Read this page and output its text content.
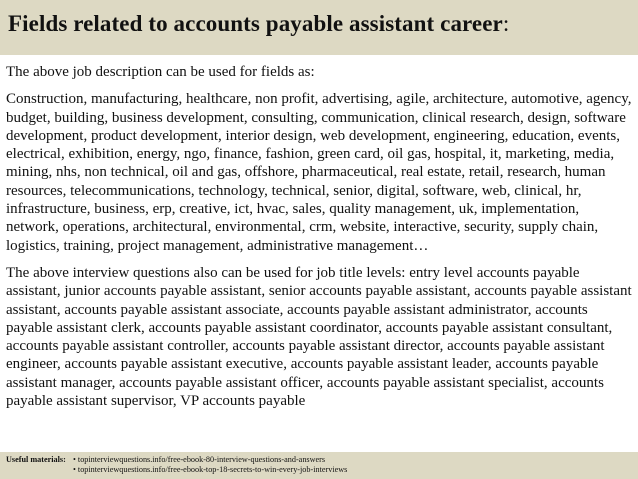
Fields related to accounts payable assistant career:

The above job description can be used for fields as:

Construction, manufacturing, healthcare, non profit, advertising, agile, architecture, automotive, agency, budget, building, business development, consulting, communication, clinical research, design, software development, product development, interior design, web development, engineering, education, events, electrical, exhibition, energy, ngo, finance, fashion, green card, oil gas, hospital, it, marketing, media, mining, nhs, non technical, oil and gas, offshore, pharmaceutical, real estate, retail, research, human resources, telecommunications, technology, technical, senior, digital, software, web, clinical, hr, infrastructure, business, erp, creative, ict, hvac, sales, quality management, uk, implementation, network, operations, architectural, environmental, crm, website, interactive, security, supply chain, logistics, training, project management, administrative management…

The above interview questions also can be used for job title levels: entry level accounts payable assistant, junior accounts payable assistant, senior accounts payable assistant, accounts payable assistant assistant, accounts payable assistant associate, accounts payable assistant administrator, accounts payable assistant clerk, accounts payable assistant coordinator, accounts payable assistant consultant, accounts payable assistant controller, accounts payable assistant director, accounts payable assistant engineer, accounts payable assistant executive, accounts payable assistant leader, accounts payable assistant manager, accounts payable assistant officer, accounts payable assistant specialist, accounts payable assistant supervisor, VP accounts payable

Useful materials: • topinterviewquestions.info/free-ebook-80-interview-questions-and-answers
• topinterviewquestions.info/free-ebook-top-18-secrets-to-win-every-job-interviews
